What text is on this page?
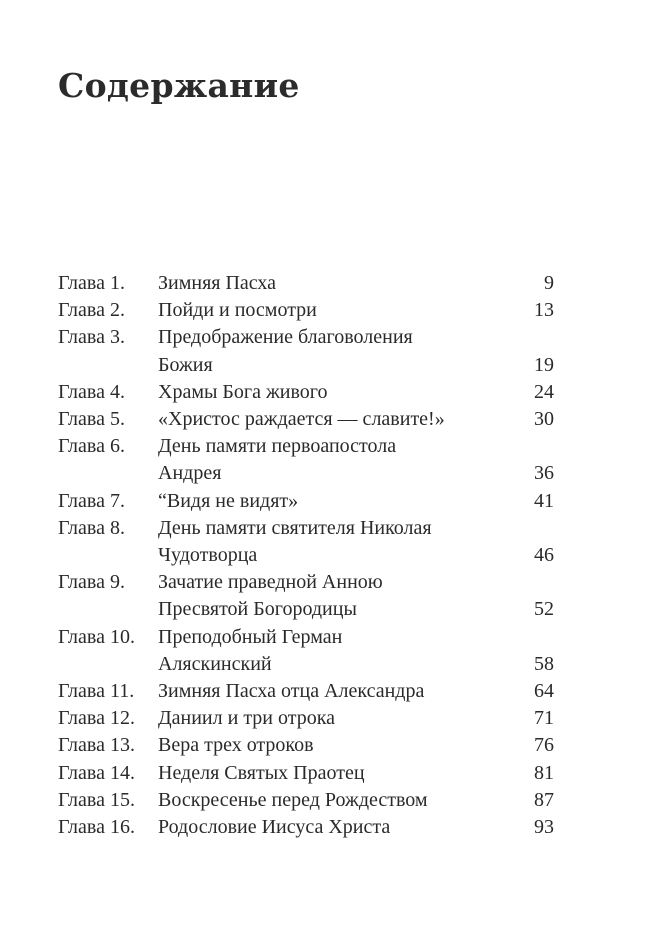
Содержание
Глава 1.	Зимняя Пасха	9
Глава 2.	Пойди и посмотри	13
Глава 3.	Предображение благоволения
Божия	19
Глава 4.	Храмы Бога живого	24
Глава 5.	«Христос раждается — славите!»	30
Глава 6.	День памяти первоапостола
Андрея	36
Глава 7.	“Видя не видят»	41
Глава 8.	День памяти святителя Николая
Чудотворца	46
Глава 9.	Зачатие праведной Анною
Пресвятой Богородицы	52
Глава 10.	Преподобный Герман
Аляскинский	58
Глава 11.	Зимняя Пасха отца Александра	64
Глава 12.	Даниил и три отрока	71
Глава 13.	Вера трех отроков	76
Глава 14.	Неделя Святых Праотец	81
Глава 15.	Воскресенье перед Рождеством	87
Глава 16.	Родословие Иисуса Христа	93
